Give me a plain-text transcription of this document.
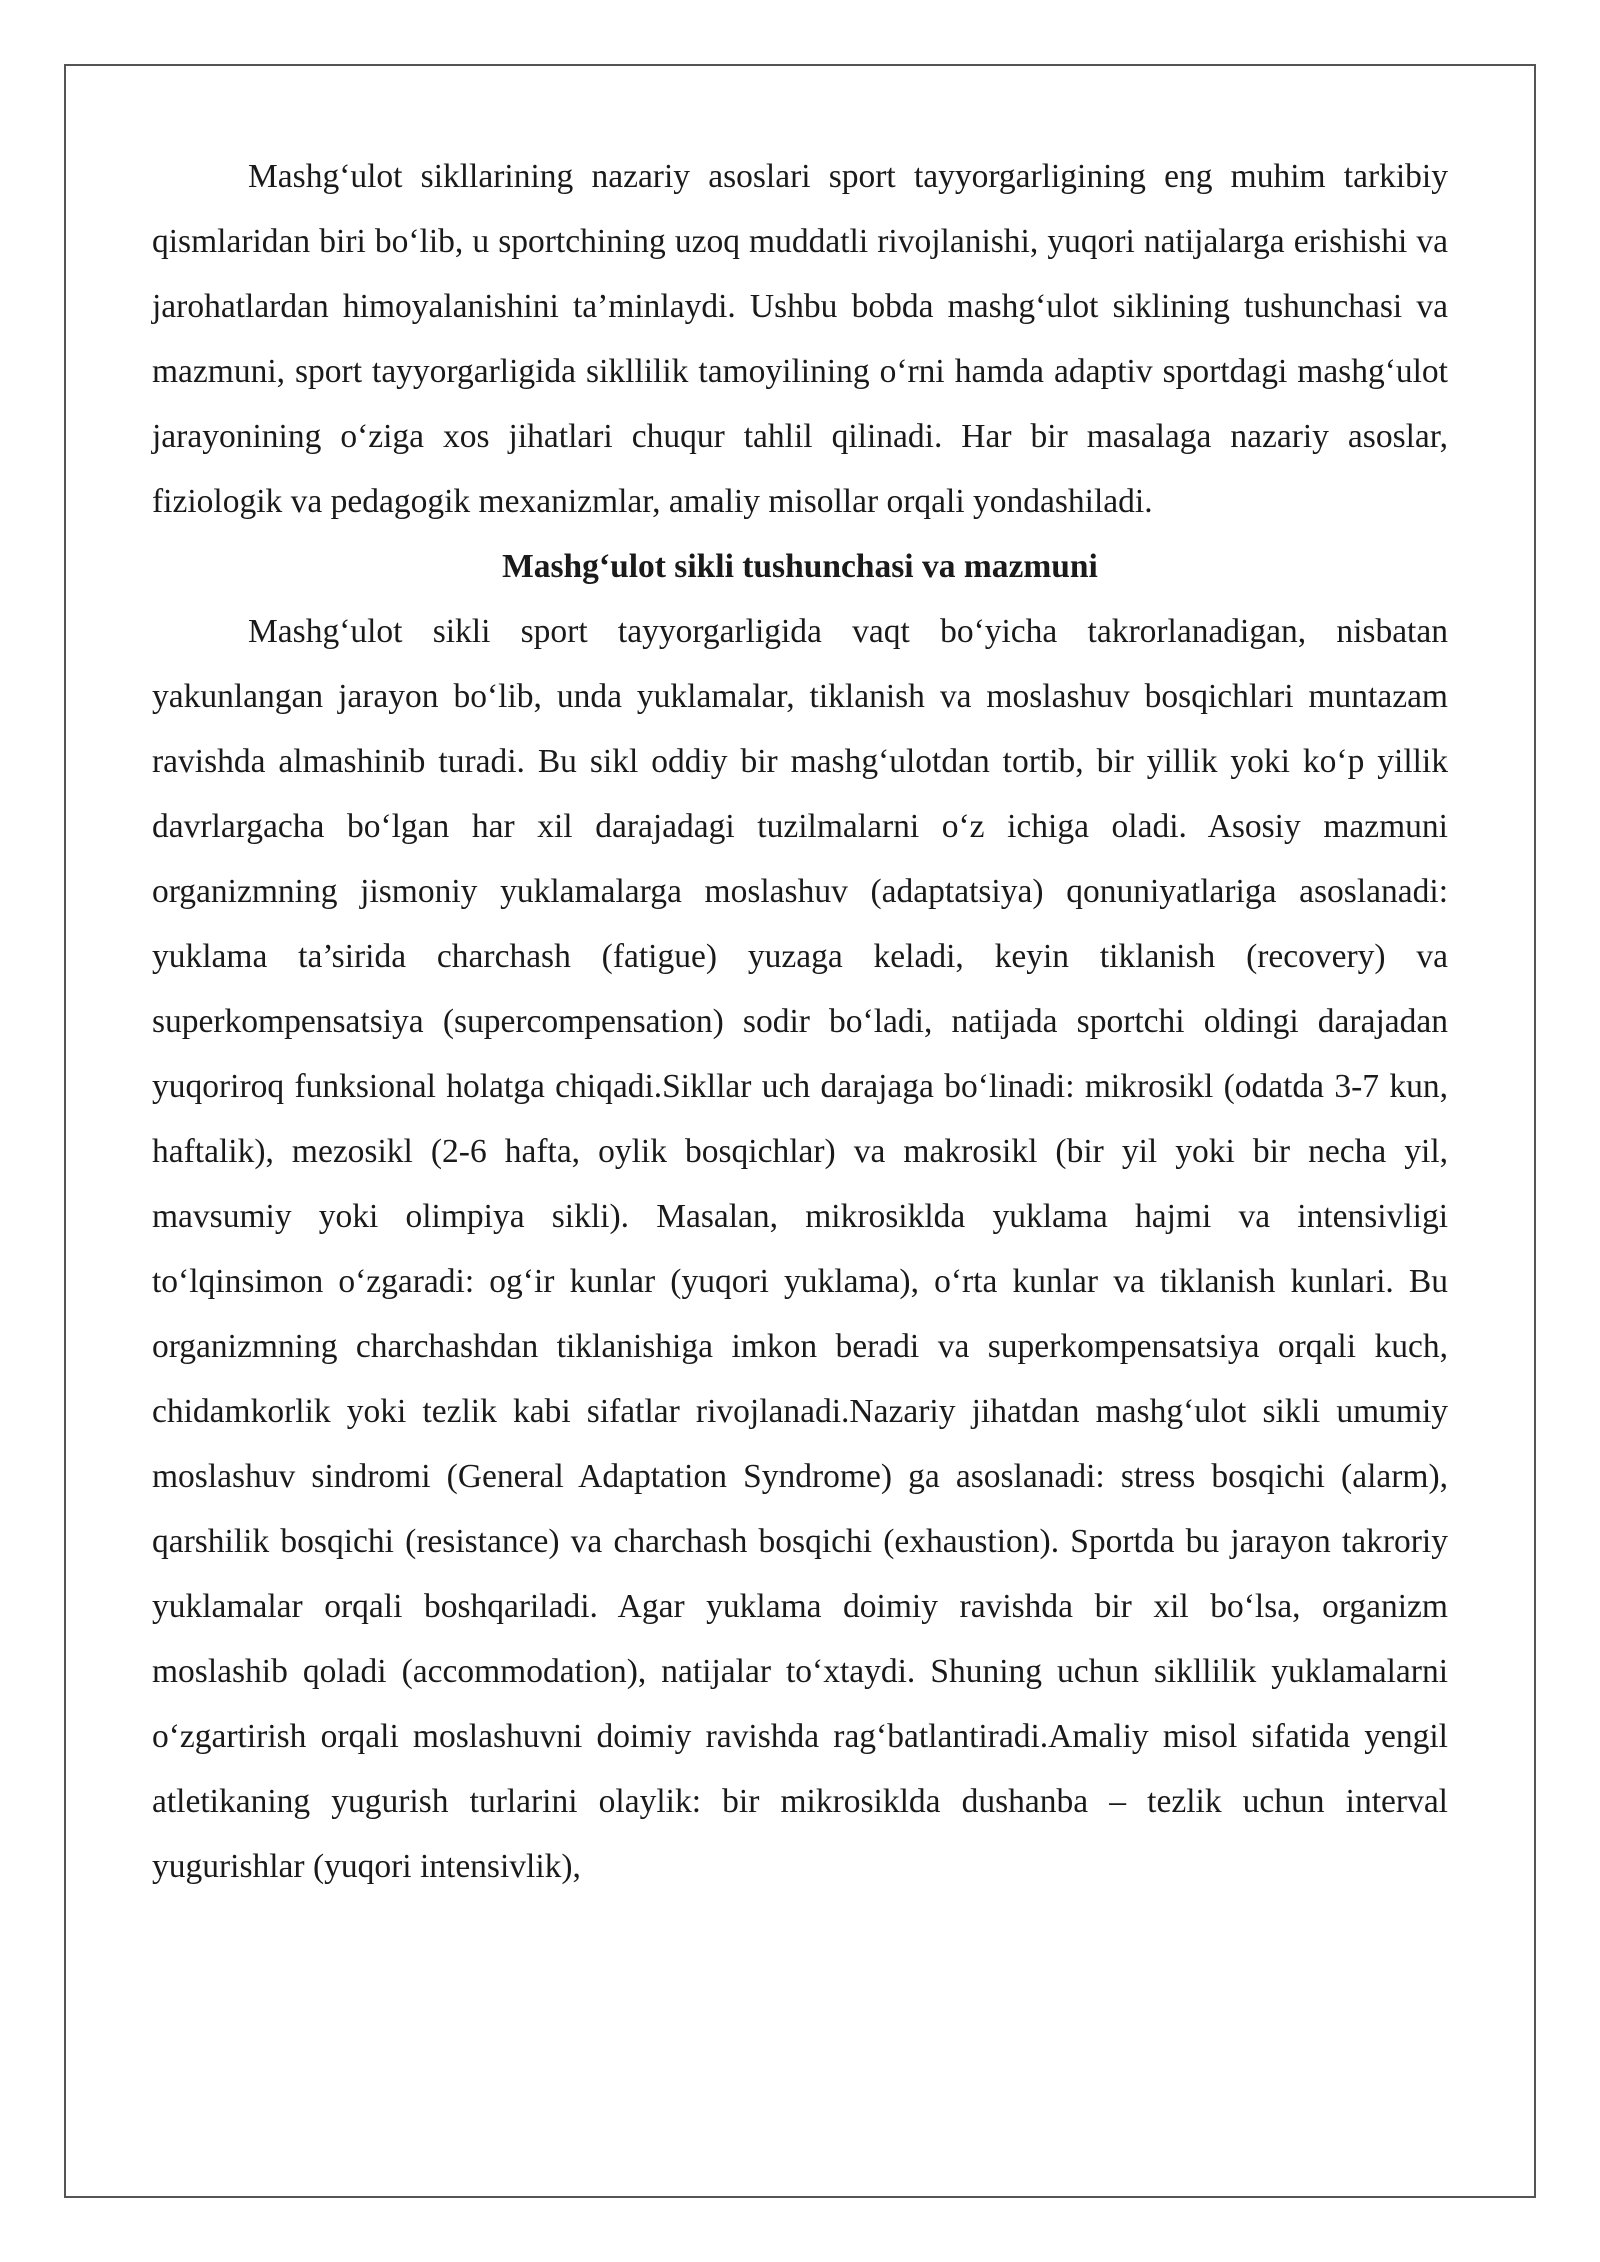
Mashg‘ulot sikllarining nazariy asoslari sport tayyorgarligining eng muhim tarkibiy qismlaridan biri bo‘lib, u sportchining uzoq muddatli rivojlanishi, yuqori natijalarga erishishi va jarohatlardan himoyalanishini ta’minlaydi. Ushbu bobda mashg‘ulot siklining tushunchasi va mazmuni, sport tayyorgarligida sikllilik tamoyilining o‘rni hamda adaptiv sportdagi mashg‘ulot jarayonining o‘ziga xos jihatlari chuqur tahlil qilinadi. Har bir masalaga nazariy asoslar, fiziologik va pedagogik mexanizmlar, amaliy misollar orqali yondashiladi.

Mashg‘ulot sikli tushunchasi va mazmuni

Mashg‘ulot sikli sport tayyorgarligida vaqt bo‘yicha takrorlanadigan, nisbatan yakunlangan jarayon bo‘lib, unda yuklamalar, tiklanish va moslashuv bosqichlari muntazam ravishda almashinib turadi. Bu sikl oddiy bir mashg‘ulotdan tortib, bir yillik yoki ko‘p yillik davrlargacha bo‘lgan har xil darajadagi tuzilmalarni o‘z ichiga oladi. Asosiy mazmuni organizmning jismoniy yuklamalarga moslashuv (adaptatsiya) qonuniyatlariga asoslanadi: yuklama ta’sirida charchash (fatigue) yuzaga keladi, keyin tiklanish (recovery) va superkompensatsiya (supercompensation) sodir bo‘ladi, natijada sportchi oldingi darajadan yuqoriroq funksional holatga chiqadi.Sikllar uch darajaga bo‘linadi: mikrosikl (odatda 3-7 kun, haftalik), mezosikl (2-6 hafta, oylik bosqichlar) va makrosikl (bir yil yoki bir necha yil, mavsumiy yoki olimpiya sikli). Masalan, mikrosiklda yuklama hajmi va intensivligi to‘lqinsimon o‘zgaradi: og‘ir kunlar (yuqori yuklama), o‘rta kunlar va tiklanish kunlari. Bu organizmning charchashdan tiklanishiga imkon beradi va superkompensatsiya orqali kuch, chidamkorlik yoki tezlik kabi sifatlar rivojlanadi.Nazariy jihatdan mashg‘ulot sikli umumiy moslashuv sindromi (General Adaptation Syndrome) ga asoslanadi: stress bosqichi (alarm), qarshilik bosqichi (resistance) va charchash bosqichi (exhaustion). Sportda bu jarayon takroriy yuklamalar orqali boshqariladi. Agar yuklama doimiy ravishda bir xil bo‘lsa, organizm moslashib qoladi (accommodation), natijalar to‘xtaydi. Shuning uchun sikllilik yuklamalarni o‘zgartirish orqali moslashuvni doimiy ravishda rag‘batlantiradi.Amaliy misol sifatida yengil atletikaning yugurish turlarini olaylik: bir mikrosiklda dushanba – tezlik uchun interval yugurishlar (yuqori intensivlik),
